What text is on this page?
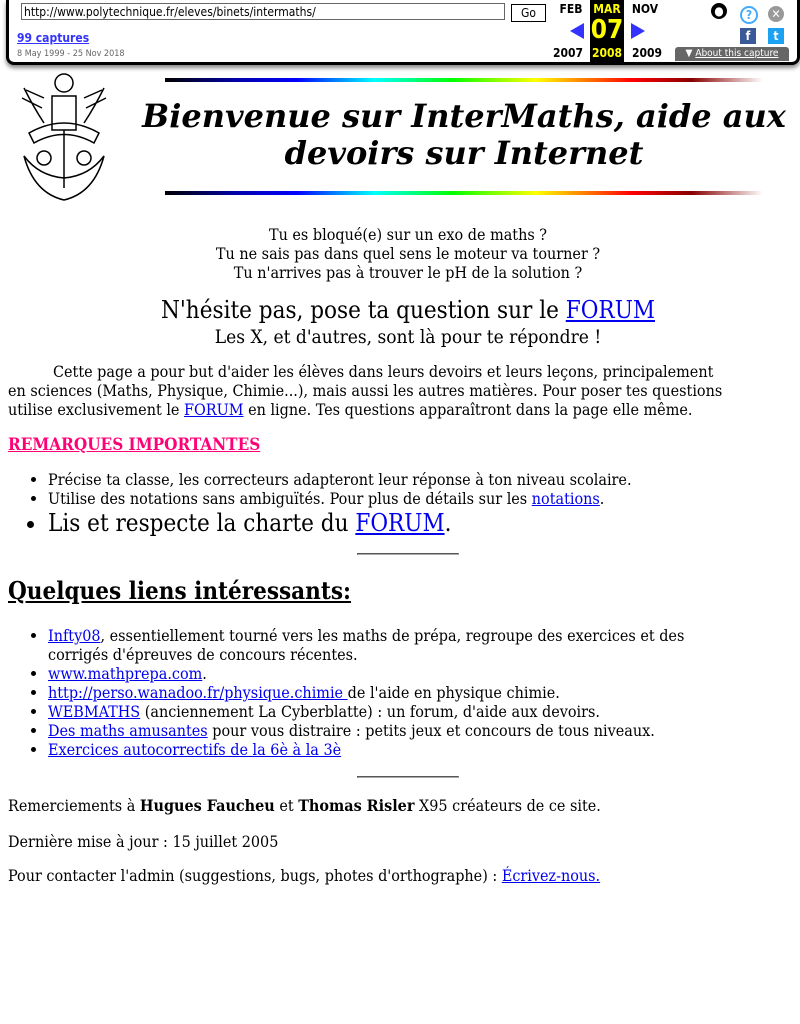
http://www.polytechnique.fr/eleves/binets/intermaths/
Go
99 captures
8 May 1999 - 25 Nov 2018
FEB MAR NOV
07
2007 2008 2009
●	?	✕
f	t
▼ About this capture
Bienvenue sur InterMaths, aide aux
devoirs sur Internet
Tu es bloqué(e) sur un exo de maths ?
Tu ne sais pas dans quel sens le moteur va tourner ?
Tu n'arrives pas à trouver le pH de la solution ?
N'hésite pas, pose ta question sur le FORUM
Les X, et d'autres, sont là pour te répondre !
Cette page a pour but d'aider les élèves dans leurs devoirs et leurs leçons, principalement
en sciences (Maths, Physique, Chimie...), mais aussi les autres matières. Pour poser tes questions
utilise exclusivement le FORUM en ligne. Tes questions apparaîtront dans la page elle même.
REMARQUES IMPORTANTES
• Précise ta classe, les correcteurs adapteront leur réponse à ton niveau scolaire.
• Utilise des notations sans ambiguïtés. Pour plus de détails sur les notations.
• Lis et respecte la charte du FORUM.
Quelques liens intéressants:
• Infty08, essentiellement tourné vers les maths de prépa, regroupe des exercices et des
corrigés d'épreuves de concours récentes.
• www.mathprepa.com.
• http://perso.wanadoo.fr/physique.chimie de l'aide en physique chimie.
• WEBMATHS (anciennement La Cyberblatte) : un forum, d'aide aux devoirs.
• Des maths amusantes pour vous distraire : petits jeux et concours de tous niveaux.
• Exercices autocorrectifs de la 6è à la 3è
Remerciements à Hugues Faucheu et Thomas Risler X95 créateurs de ce site.
Dernière mise à jour : 15 juillet 2005
Pour contacter l'admin (suggestions, bugs, photes d'orthographe) : Écrivez-nous.
